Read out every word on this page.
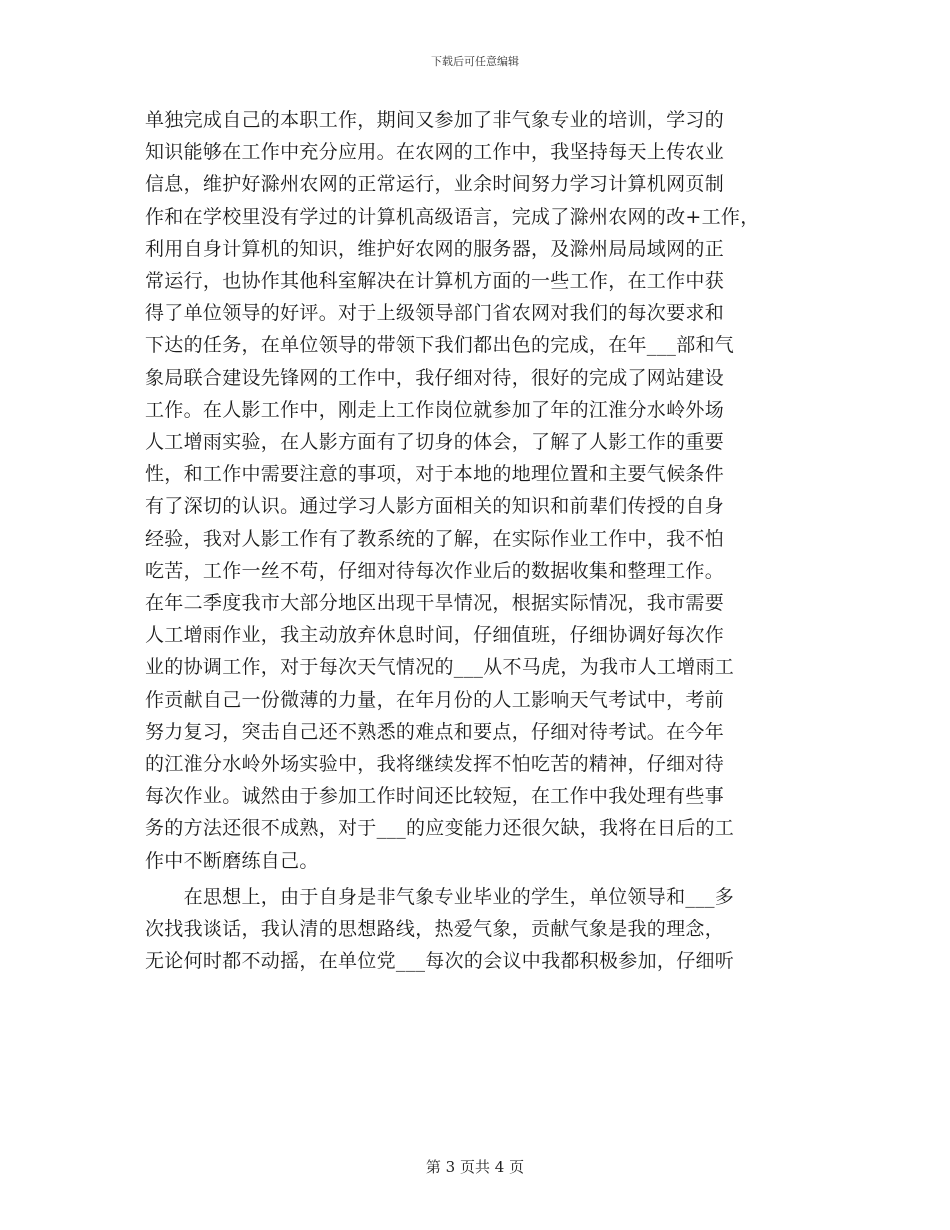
下载后可任意编辑
单独完成自己的本职工作，期间又参加了非气象专业的培训，学习的
知识能够在工作中充分应用。在农网的工作中，我坚持每天上传农业
信息，维护好滁州农网的正常运行，业余时间努力学习计算机网页制
作和在学校里没有学过的计算机高级语言，完成了滁州农网的改+工作，
利用自身计算机的知识，维护好农网的服务器，及滁州局局域网的正
常运行，也协作其他科室解决在计算机方面的一些工作，在工作中获
得了单位领导的好评。对于上级领导部门省农网对我们的每次要求和
下达的任务，在单位领导的带领下我们都出色的完成，在年___部和气
象局联合建设先锋网的工作中，我仔细对待，很好的完成了网站建设
工作。在人影工作中，刚走上工作岗位就参加了年的江淮分水岭外场
人工增雨实验，在人影方面有了切身的体会，了解了人影工作的重要
性，和工作中需要注意的事项，对于本地的地理位置和主要气候条件
有了深切的认识。通过学习人影方面相关的知识和前辈们传授的自身
经验，我对人影工作有了教系统的了解，在实际作业工作中，我不怕
吃苦，工作一丝不苟，仔细对待每次作业后的数据收集和整理工作。
在年二季度我市大部分地区出现干旱情况，根据实际情况，我市需要
人工增雨作业，我主动放弃休息时间，仔细值班，仔细协调好每次作
业的协调工作，对于每次天气情况的___从不马虎，为我市人工增雨工
作贡献自己一份微薄的力量，在年月份的人工影响天气考试中，考前
努力复习，突击自己还不熟悉的难点和要点，仔细对待考试。在今年
的江淮分水岭外场实验中，我将继续发挥不怕吃苦的精神，仔细对待
每次作业。诚然由于参加工作时间还比较短，在工作中我处理有些事
务的方法还很不成熟，对于___的应变能力还很欠缺，我将在日后的工
作中不断磨练自己。
　　在思想上，由于自身是非气象专业毕业的学生，单位领导和___多
次找我谈话，我认清的思想路线，热爱气象，贡献气象是我的理念，
无论何时都不动摇，在单位党___每次的会议中我都积极参加，仔细听
第 3 页共 4 页
